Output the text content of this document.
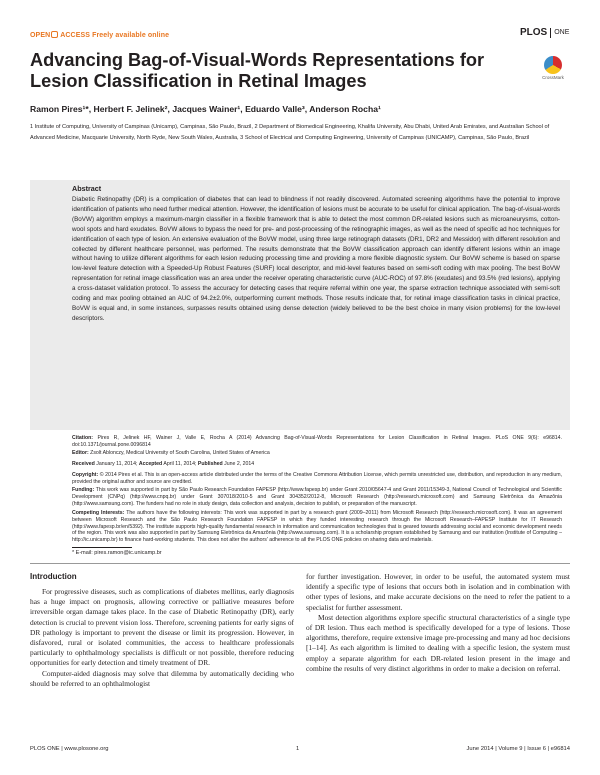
OPEN ACCESS Freely available online	PLOS ONE
Advancing Bag-of-Visual-Words Representations for
Lesion Classification in Retinal Images	CrossMark
Ramon Pires¹*, Herbert F. Jelinek², Jacques Wainer¹, Eduardo Valle³, Anderson Rocha¹
1 Institute of Computing, University of Campinas (Unicamp), Campinas, São Paulo, Brazil, 2 Department of Biomedical Engineering, Khalifa University, Abu Dhabi, United Arab Emirates, and Australian School of Advanced Medicine, Macquarie University, North Ryde, New South Wales, Australia, 3 School of Electrical and Computing Engineering, University of Campinas (UNICAMP), Campinas, São Paulo, Brazil
Abstract
Diabetic Retinopathy (DR) is a complication of diabetes that can lead to blindness if not readily discovered. Automated screening algorithms have the potential to improve identification of patients who need further medical attention. However, the identification of lesions must be accurate to be useful for clinical application. The bag-of-visual-words (BoVW) algorithm employs a maximum-margin classifier in a flexible framework that is able to detect the most common DR-related lesions such as microaneurysms, cotton-wool spots and hard exudates. BoVW allows to bypass the need for pre- and post-processing of the retinographic images, as well as the need of specific ad hoc techniques for identification of each type of lesion. An extensive evaluation of the BoVW model, using three large retinograph datasets (DR1, DR2 and Messidor) with different resolution and collected by different healthcare personnel, was performed. The results demonstrate that the BoVW classification approach can identify different lesions within an image without having to utilize different algorithms for each lesion reducing processing time and providing a more flexible diagnostic system. Our BoVW scheme is based on sparse low-level feature detection with a Speeded-Up Robust Features (SURF) local descriptor, and mid-level features based on semi-soft coding with max pooling. The best BoVW representation for retinal image classification was an area under the receiver operating characteristic curve (AUC-ROC) of 97.8% (exudates) and 93.5% (red lesions), applying a cross-dataset validation protocol. To assess the accuracy for detecting cases that require referral within one year, the sparse extraction technique associated with semi-soft coding and max pooling obtained an AUC of 94.2±2.0%, outperforming current methods. Those results indicate that, for retinal image classification tasks in clinical practice, BoVW is equal and, in some instances, surpasses results obtained using dense detection (widely believed to be the best choice in many vision problems) for the low-level descriptors.
Citation: Pires R, Jelinek HF, Wainer J, Valle E, Rocha A (2014) Advancing Bag-of-Visual-Words Representations for Lesion Classification in Retinal Images. PLoS ONE 9(6): e96814. doi:10.1371/journal.pone.0096814
Editor: Zsolt Ablonczy, Medical University of South Carolina, United States of America
Received January 11, 2014; Accepted April 11, 2014; Published June 2, 2014
Copyright: © 2014 Pires et al. This is an open-access article distributed under the terms of the Creative Commons Attribution License, which permits unrestricted use, distribution, and reproduction in any medium, provided the original author and source are credited.
Funding: This work was supported in part by São Paulo Research Foundation FAPESP (http://www.fapesp.br) under Grant 2010/05647-4 and Grant 2011/15349-3, National Council of Technological and Scientific Development (CNPq) (http://www.cnpq.br) under Grant 307018/2010-5 and Grant 304352/2012-8, Microsoft Research (http://research.microsoft.com) and Samsung Eletrônica da Amazônia (http://www.samsung.com). The funders had no role in study design, data collection and analysis, decision to publish, or preparation of the manuscript.
Competing Interests: The authors have the following interests: This work was supported in part by a research grant (2009–2011) from Microsoft Research (http://research.microsoft.com). It was an agreement between Microsoft Research and the São Paulo Research Foundation FAPESP in which they funded interesting research through the Microsoft Research–FAPESP Institute for IT Research (http://www.fapesp.br/en/5392). The institute supports high-quality fundamental research in information and communication technologies that is geared towards addressing social and economic development needs of the region. This work was also supported in part by Samsung Eletrônica da Amazônia (http://www.samsung.com). It is a scholarship program established by Samsung and our institution (Institute of Computing – http://ic.unicamp.br) to finance hard-working students. This does not alter the authors' adherence to all the PLOS ONE policies on sharing data and materials.
* E-mail: pires.ramon@ic.unicamp.br
Introduction

For progressive diseases, such as complications of diabetes mellitus, early diagnosis has a huge impact on prognosis, allowing corrective or palliative measures before irreversible organ damage takes place. In the case of Diabetic Retinopathy (DR), early detection is crucial to prevent vision loss. Therefore, screening patients for early signs of DR pathology is important to prevent the disease or limit its progression. However, in disfavored, rural or isolated communities, the access to healthcare professionals particularly to ophthalmology specialists is difficult or not possible, therefore reducing opportunities for early detection and timely treatment of DR.

Computer-aided diagnosis may solve that dilemma by automatically deciding who should be referred to an ophthalmologist

for further investigation. However, in order to be useful, the automated system must identify a specific type of lesions that occurs both in isolation and in combination with other types of lesions, and make accurate decisions on the need to refer the patient to a specialist for further assessment.

Most detection algorithms explore specific structural characteristics of a single type of DR lesion. Thus each method is specifically developed for a type of lesions. Those algorithms, therefore, require extensive image pre-processing and many ad hoc decisions [1–14]. As each algorithm is limited to dealing with a specific lesion, the system must employ a separate algorithm for each DR-related lesion present in the image and combine the results of very distinct algorithms in order to make a decision on referral.

PLOS ONE | www.plosone.org	1	June 2014 | Volume 9 | Issue 6 | e96814
